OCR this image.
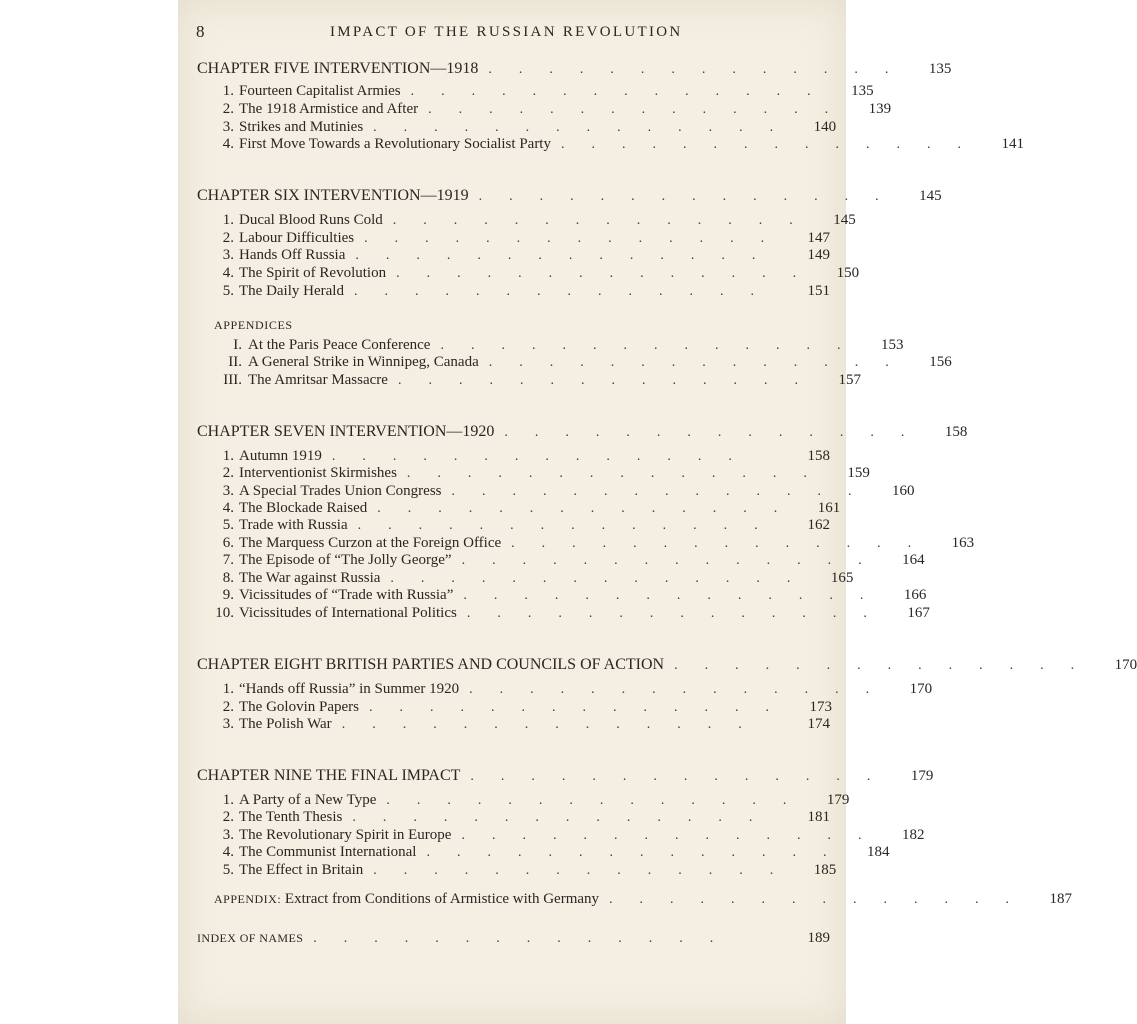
8	IMPACT OF THE RUSSIAN REVOLUTION
CHAPTER FIVE INTERVENTION—1918 .............. 135
1. Fourteen Capitalist Armies .............. 135
2. The 1918 Armistice and After .............. 139
3. Strikes and Mutinies .............. 140
4. First Move Towards a Revolutionary Socialist Party .............. 141
CHAPTER SIX INTERVENTION—1919 .............. 145
1. Ducal Blood Runs Cold .............. 145
2. Labour Difficulties ..............	147
3. Hands Off Russia ..............	149
4. The Spirit of Revolution .............. 150
5. The Daily Herald ..............	151
APPENDICES
I. At the Paris Peace Conference .............. 153
II. A General Strike in Winnipeg, Canada .............. 156
III. The Amritsar Massacre .............. 157
CHAPTER SEVEN INTERVENTION—1920 .............. 158
1. Autumn 1919 ..............	158
2. Interventionist Skirmishes .............. 159
3. A Special Trades Union Congress .............. 160
4. The Blockade Raised .............. 161
5. Trade with Russia ..............	162
6. The Marquess Curzon at the Foreign Office .............. 163
7. The Episode of “The Jolly George” .............. 164
8. The War against Russia .............. 165
9. Vicissitudes of “Trade with Russia” .............. 166
10. Vicissitudes of International Politics .............. 167
CHAPTER EIGHT BRITISH PARTIES AND COUNCILS OF ACTION .............. 170
1. “Hands off Russia” in Summer 1920 .............. 170
2. The Golovin Papers .............. 173
3. The Polish War ..............	174
CHAPTER NINE THE FINAL IMPACT .............. 179
1. A Party of a New Type .............. 179
2. The Tenth Thesis ..............	181
3. The Revolutionary Spirit in Europe .............. 182
4. The Communist International .............. 184
5. The Effect in Britain .............. 185
APPENDIX: Extract from Conditions of Armistice with Germany .............. 187
INDEX OF NAMES ..............	189
